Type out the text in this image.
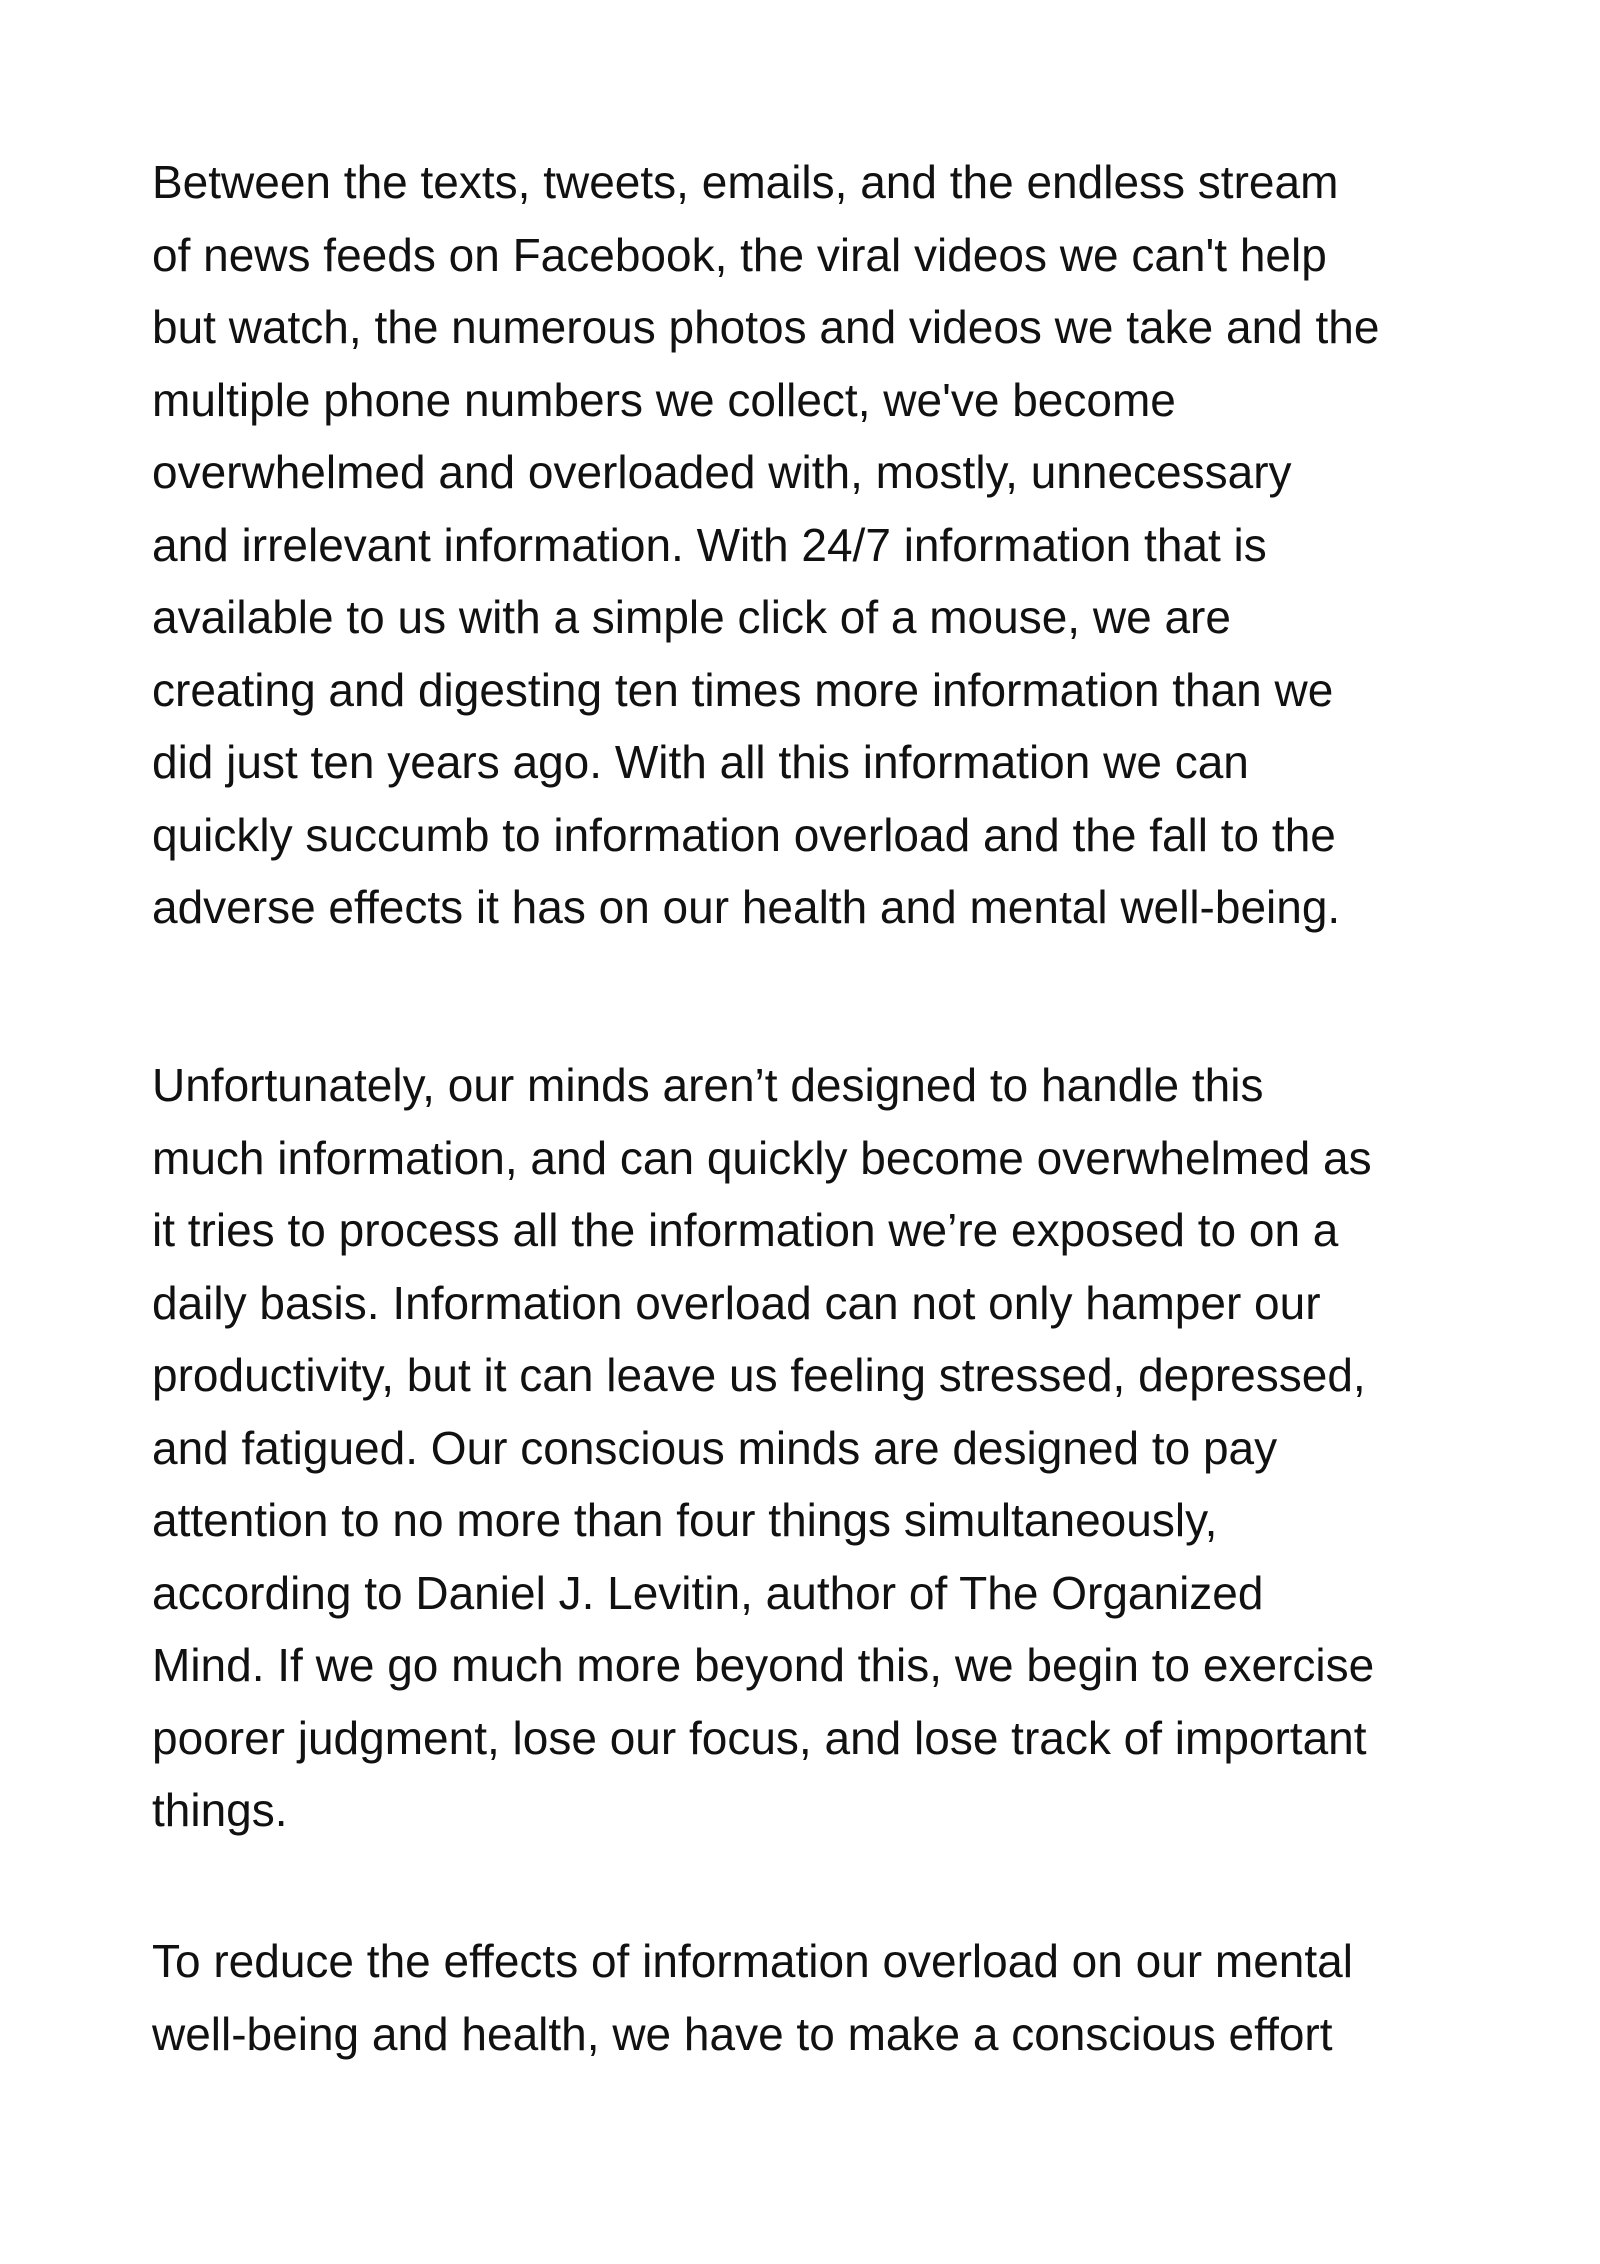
Between the texts, tweets, emails, and the endless stream
of news feeds on Facebook, the viral videos we can't help
but watch, the numerous photos and videos we take and the
multiple phone numbers we collect, we've become
overwhelmed and overloaded with, mostly, unnecessary
and irrelevant information. With 24/7 information that is
available to us with a simple click of a mouse, we are
creating and digesting ten times more information than we
did just ten years ago. With all this information we can
quickly succumb to information overload and the fall to the
adverse effects it has on our health and mental well-being.

Unfortunately, our minds aren’t designed to handle this
much information, and can quickly become overwhelmed as
it tries to process all the information we’re exposed to on a
daily basis. Information overload can not only hamper our
productivity, but it can leave us feeling stressed, depressed,
and fatigued. Our conscious minds are designed to pay
attention to no more than four things simultaneously,
according to Daniel J. Levitin, author of The Organized
Mind. If we go much more beyond this, we begin to exercise
poorer judgment, lose our focus, and lose track of important
things.

To reduce the effects of information overload on our mental
well-being and health, we have to make a conscious effort
